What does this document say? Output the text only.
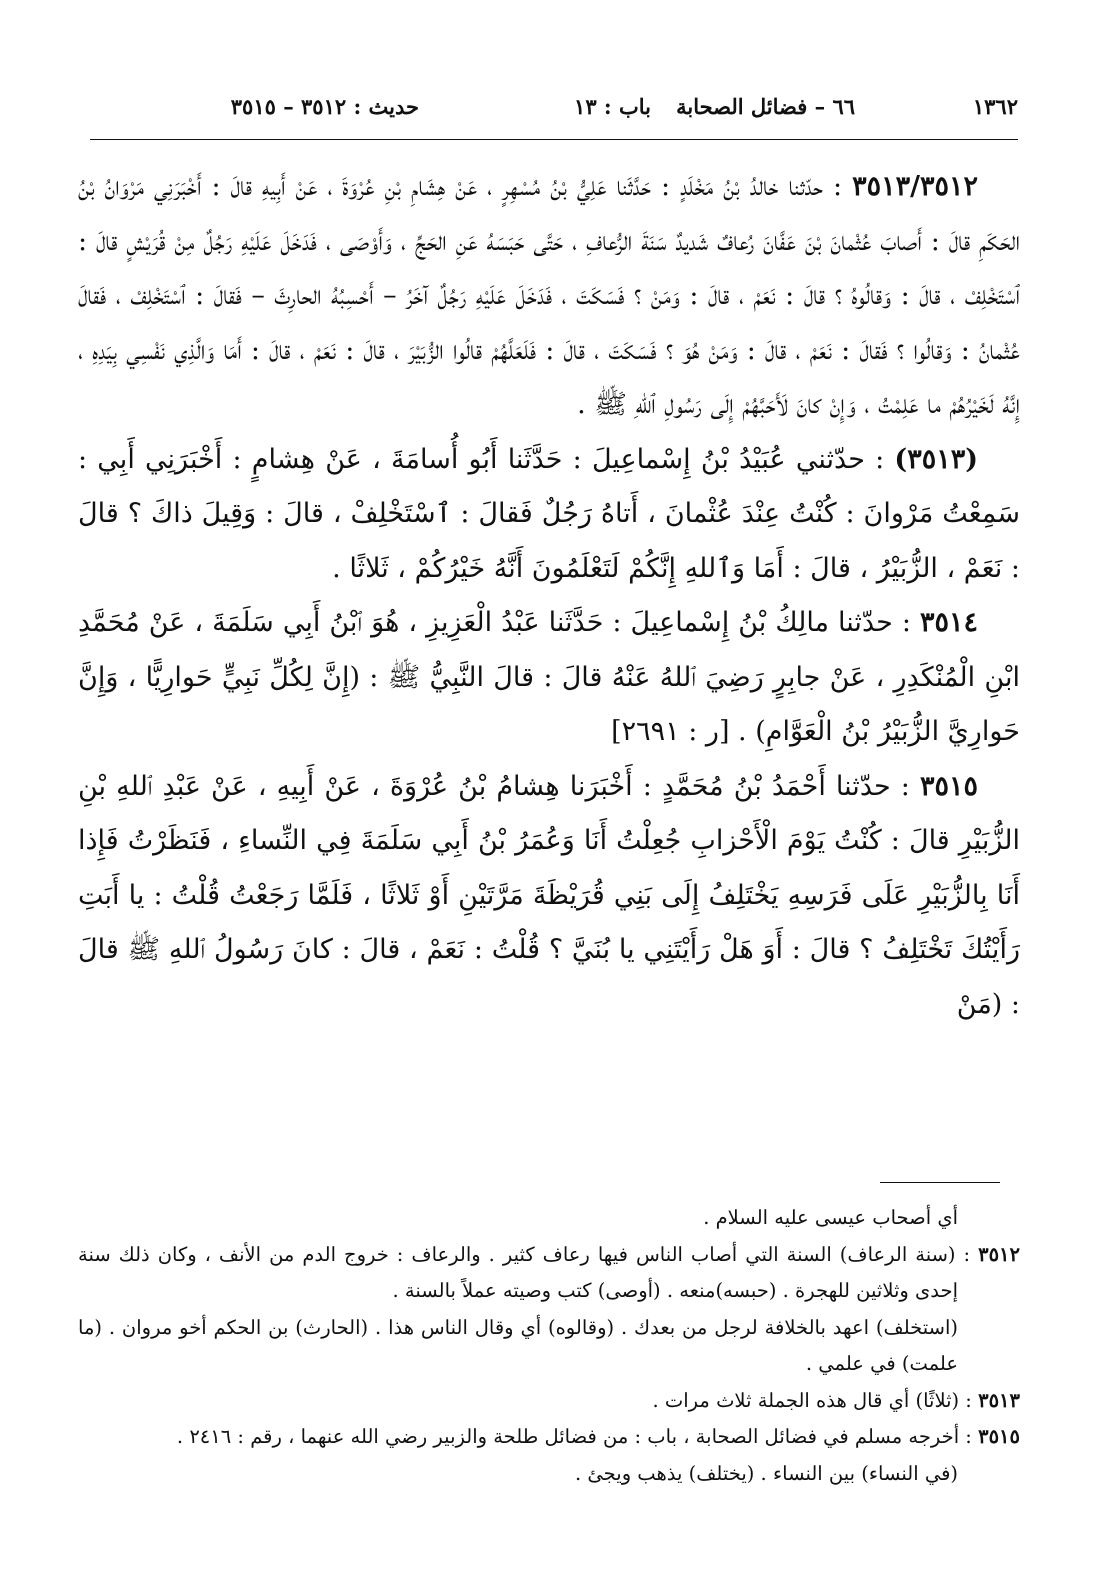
١٣٦٢
٦٦ – فضائل الصحابة
باب : ١٣
حديث : ٣٥١٢ – ٣٥١٥

٣٥١٣/٣٥١٢ : حدّثنا خالدُ بْنُ مَخْلَدٍ : حَدَّثَنا عَلِيُّ بْنُ مُسْهِرٍ ، عَنْ هِشَامِ بْنِ عُرْوَةَ ، عَنْ أَبِيهِ قالَ : أَخْبَرَنِي مَرْوَانُ بْنُ الحَكَمِ قالَ : أَصابَ عُثْمانَ بْنَ عَفَّانَ رُعافٌ شَديدٌ سَنَةَ الرُّعافِ ، حَتَّى حَبَسَهُ عَنِ الحَجِّ ، وَأَوْصَى ، فَدَخَلَ عَلَيْهِ رَجُلٌ مِنْ قُرَيْشٍ قالَ : ٱسْتَخْلِفْ ، قالَ : وَقالُوهُ ؟ قالَ : نَعَمْ ، قالَ : وَمَنْ ؟ فَسَكَتَ ، فَدَخَلَ عَلَيْهِ رَجُلٌ آخَرُ – أَحْسِبُهُ الحارِثَ – فَقالَ : ٱسْتَخْلِفْ ، فَقالَ عُثْمانُ : وَقالُوا ؟ فَقالَ : نَعَمْ ، قالَ : وَمَنْ هُوَ ؟ فَسَكَتَ ، قالَ : فَلَعَلَّهُمْ قالُوا الزُّبَيْرَ ، قالَ : نَعَمْ ، قالَ : أَمَا وَالَّذِي نَفْسِي بِيَدِهِ ، إِنَّهُ لَخَيْرُهُمْ ما عَلِمْتُ ، وَإِنْ كانَ لَأَحَبَّهُمْ إِلَى رَسُولِ ٱللهِ ﷺ .

(٣٥١٣) : حدّثني عُبَيْدُ بْنُ إِسْماعِيلَ : حَدَّثَنا أَبُو أُسامَةَ ، عَنْ هِشامٍ : أَخْبَرَنِي أَبِي : سَمِعْتُ مَرْوانَ : كُنْتُ عِنْدَ عُثْمانَ ، أَتاهُ رَجُلٌ فَقالَ : ٱسْتَخْلِفْ ، قالَ : وَقِيلَ ذاكَ ؟ قالَ : نَعَمْ ، الزُّبَيْرُ ، قالَ : أَمَا وَٱللهِ إِنَّكُمْ لَتَعْلَمُونَ أَنَّهُ خَيْرُكُمْ ، ثَلاثًا .

٣٥١٤ : حدّثنا مالِكُ بْنُ إِسْماعِيلَ : حَدَّثَنا عَبْدُ الْعَزِيزِ ، هُوَ ٱبْنُ أَبِي سَلَمَةَ ، عَنْ مُحَمَّدِ ابْنِ الْمُنْكَدِرِ ، عَنْ جابِرٍ رَضِيَ ٱللهُ عَنْهُ قالَ : قالَ النَّبِيُّ ﷺ : (إِنَّ لِكُلِّ نَبِيٍّ حَوارِيًّا ، وَإِنَّ حَوارِيَّ الزُّبَيْرُ بْنُ الْعَوَّامِ) . [ر : ٢٦٩١]

٣٥١٥ : حدّثنا أَحْمَدُ بْنُ مُحَمَّدٍ : أَخْبَرَنا هِشامُ بْنُ عُرْوَةَ ، عَنْ أَبِيهِ ، عَنْ عَبْدِ ٱللهِ بْنِ الزُّبَيْرِ قالَ : كُنْتُ يَوْمَ الْأَحْزابِ جُعِلْتُ أَنَا وَعُمَرُ بْنُ أَبِي سَلَمَةَ فِي النِّساءِ ، فَنَظَرْتُ فَإِذا أَنَا بِالزُّبَيْرِ عَلَى فَرَسِهِ يَخْتَلِفُ إِلَى بَنِي قُرَيْظَةَ مَرَّتَيْنِ أَوْ ثَلاثًا ، فَلَمَّا رَجَعْتُ قُلْتُ : يا أَبَتِ رَأَيْتُكَ تَخْتَلِفُ ؟ قالَ : أَوَ هَلْ رَأَيْتَنِي يا بُنَيَّ ؟ قُلْتُ : نَعَمْ ، قالَ : كانَ رَسُولُ ٱللهِ ﷺ قالَ : (مَنْ

أي أصحاب عيسى عليه السلام .

٣٥١٢ : (سنة الرعاف) السنة التي أصاب الناس فيها رعاف كثير . والرعاف : خروج الدم من الأنف ، وكان ذلك سنة إحدى وثلاثين للهجرة . (حبسه)منعه . (أوصى) كتب وصيته عملاً بالسنة .

(استخلف) اعهد بالخلافة لرجل من بعدك . (وقالوه) أي وقال الناس هذا . (الحارث) بن الحكم أخو مروان . (ما علمت) في علمي .

٣٥١٣ : (ثلاثًا) أي قال هذه الجملة ثلاث مرات .

٣٥١٥ : أخرجه مسلم في فضائل الصحابة ، باب : من فضائل طلحة والزبير رضي الله عنهما ، رقم : ٢٤١٦ .

(في النساء) بين النساء . (يختلف) يذهب ويجئ .
